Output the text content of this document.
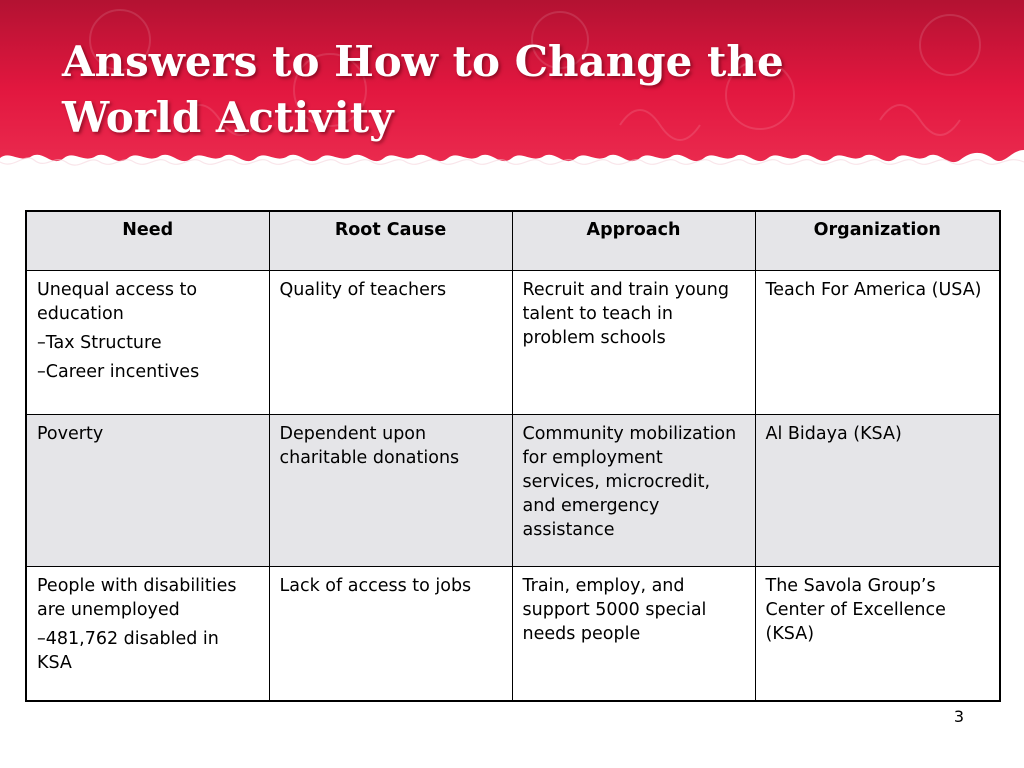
Answers to How to Change the
World Activity
Need	Root Cause	Approach	Organization

Unequal access to education
–Tax Structure
–Career incentives	Quality of teachers	Recruit and train young talent to teach in problem schools	Teach For America (USA)

Poverty	Dependent upon charitable donations	Community mobilization for employment services, microcredit, and emergency assistance	Al Bidaya (KSA)

People with disabilities are unemployed
–481,762 disabled in KSA	Lack of access to jobs	Train, employ, and support 5000 special needs people	The Savola Group’s Center of Excellence (KSA)
3
